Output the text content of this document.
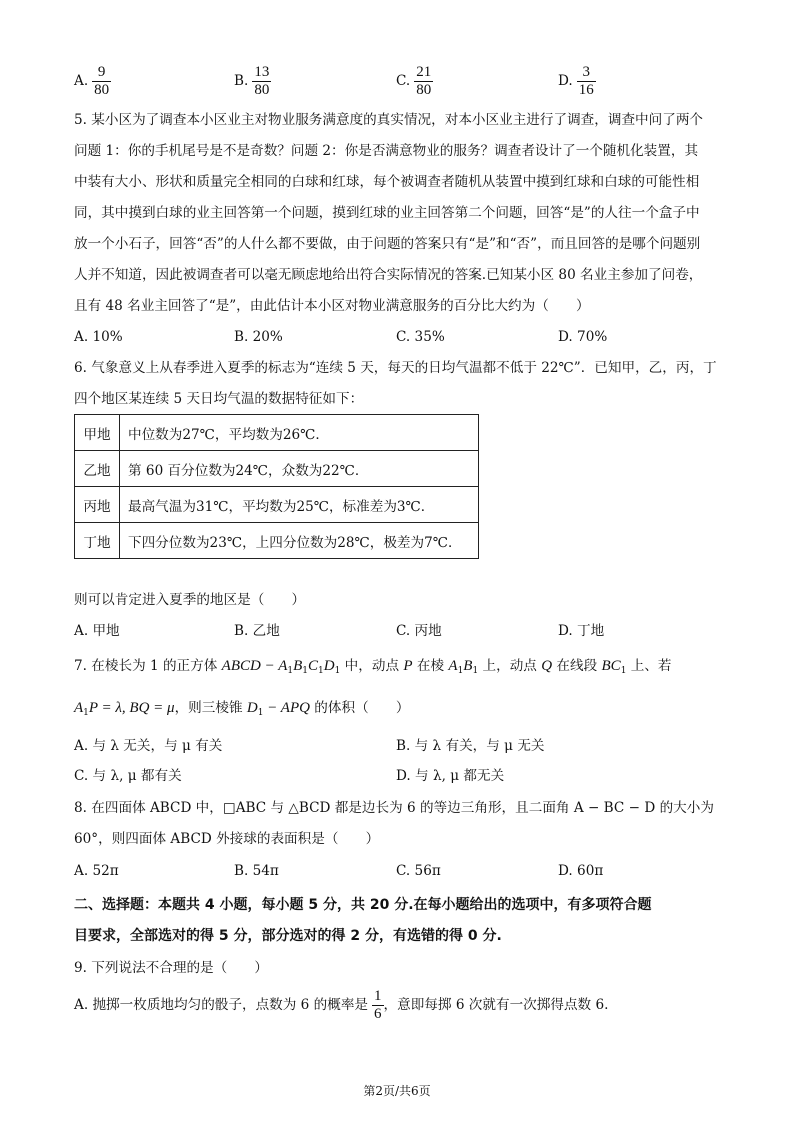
A. $\frac{9}{80}$	B. $\frac{13}{80}$	C. $\frac{21}{80}$	D. $\frac{3}{16}$
5. 某小区为了调查本小区业主对物业服务满意度的真实情况，对本小区业主进行了调查，调查中问了两个
问题 1：你的手机尾号是不是奇数？问题 2：你是否满意物业的服务？调查者设计了一个随机化装置，其
中装有大小、形状和质量完全相同的白球和红球，每个被调查者随机从装置中摸到红球和白球的可能性相
同，其中摸到白球的业主回答第一个问题，摸到红球的业主回答第二个问题，回答“是”的人往一个盒子中
放一个小石子，回答“否”的人什么都不要做，由于问题的答案只有“是”和“否”，而且回答的是哪个问题别
人并不知道，因此被调查者可以毫无顾虑地给出符合实际情况的答案.已知某小区 80 名业主参加了问卷，
且有 48 名业主回答了“是”，由此估计本小区对物业满意服务的百分比大约为（　　）
A. 10%	B. 20%	C. 35%	D. 70%
6. 气象意义上从春季进入夏季的标志为“连续 5 天，每天的日均气温都不低于 22℃”．已知甲，乙，丙，丁
四个地区某连续 5 天日均气温的数据特征如下：
甲地	中位数为27℃，平均数为26℃．
乙地	第 60 百分位数为24℃，众数为22℃．
丙地	最高气温为31℃，平均数为25℃，标准差为3℃．
丁地	下四分位数为23℃，上四分位数为28℃，极差为7℃．
则可以肯定进入夏季的地区是（　　）
A. 甲地	B. 乙地	C. 丙地	D. 丁地
7. 在棱长为 1 的正方体 ABCD − $A_1B_1C_1D_1$ 中，动点 P 在棱 $A_1B_1$ 上，动点 Q 在线段 $BC_1$ 上、若
$A_1P = \lambda$, BQ = μ，则三棱锥 $D_1$ − APQ 的体积（　　）
A. 与 λ 无关，与 μ 有关	B. 与 λ 有关，与 μ 无关
C. 与 λ, μ 都有关	D. 与 λ, μ 都无关
8. 在四面体 ABCD 中，□ABC 与 △BCD 都是边长为 6 的等边三角形，且二面角 A − BC − D 的大小为
60°，则四面体 ABCD 外接球的表面积是（　　）
A. 52π	B. 54π	C. 56π	D. 60π
二、选择题：本题共 4 小题，每小题 5 分，共 20 分.在每小题给出的选项中，有多项符合题
目要求，全部选对的得 5 分，部分选对的得 2 分，有选错的得 0 分.
9. 下列说法不合理的是（　　）
A. 抛掷一枚质地均匀的骰子，点数为 6 的概率是 $\frac{1}{6}$ ，意即每掷 6 次就有一次掷得点数 6.
第2页/共6页
